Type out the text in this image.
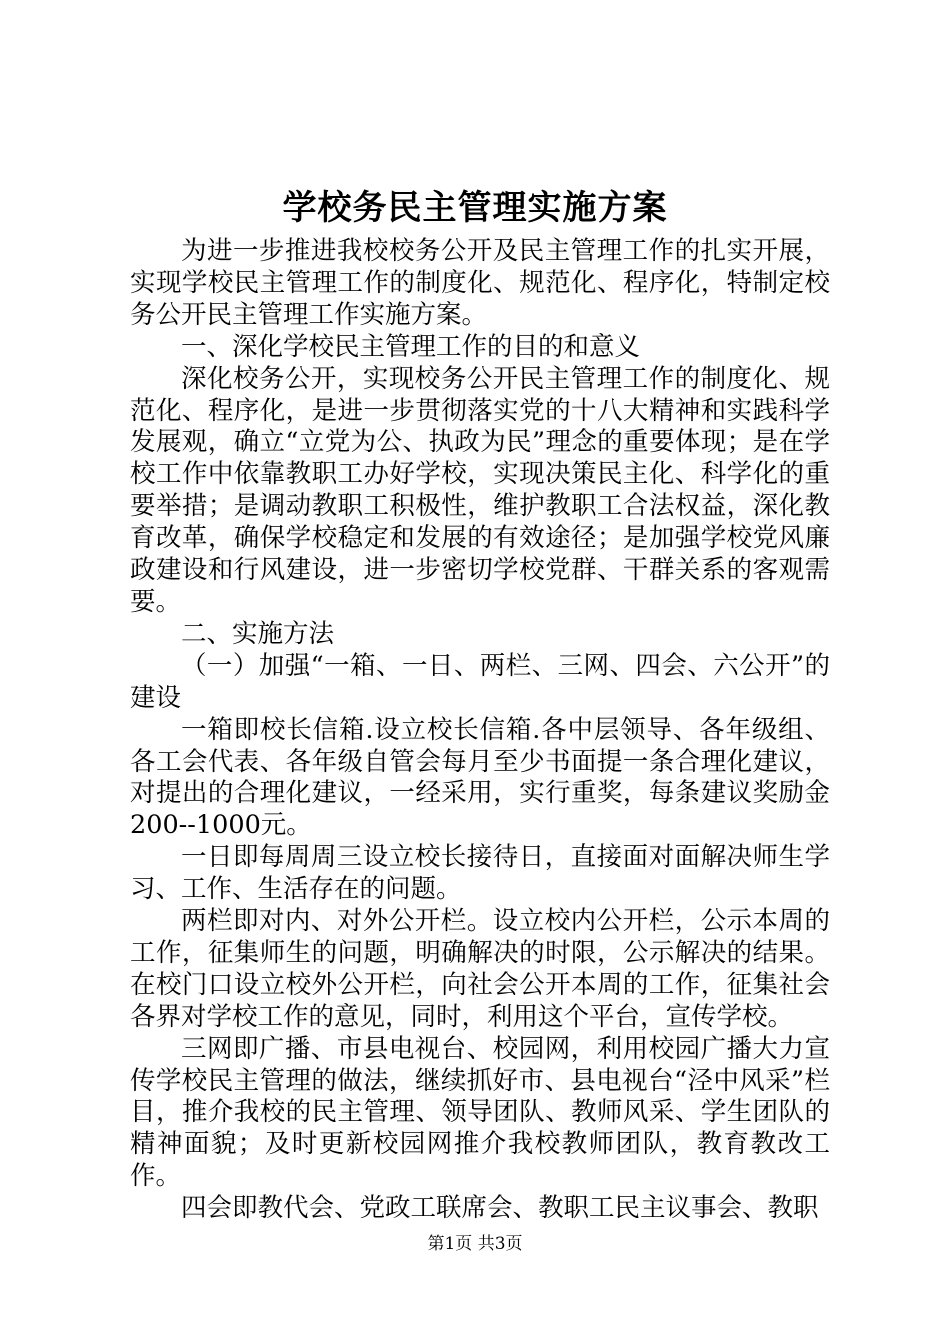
学校务民主管理实施方案

为进一步推进我校校务公开及民主管理工作的扎实开展，实现学校民主管理工作的制度化、规范化、程序化，特制定校务公开民主管理工作实施方案。

一、深化学校民主管理工作的目的和意义

深化校务公开，实现校务公开民主管理工作的制度化、规范化、程序化，是进一步贯彻落实党的十八大精神和实践科学发展观，确立“立党为公、执政为民”理念的重要体现；是在学校工作中依靠教职工办好学校，实现决策民主化、科学化的重要举措；是调动教职工积极性，维护教职工合法权益，深化教育改革，确保学校稳定和发展的有效途径；是加强学校党风廉政建设和行风建设，进一步密切学校党群、干群关系的客观需要。

二、实施方法

（一）加强“一箱、一日、两栏、三网、四会、六公开”的建设

一箱即校长信箱.设立校长信箱.各中层领导、各年级组、各工会代表、各年级自管会每月至少书面提一条合理化建议，对提出的合理化建议，一经采用，实行重奖，每条建议奖励金200--1000元。

一日即每周周三设立校长接待日，直接面对面解决师生学习、工作、生活存在的问题。

两栏即对内、对外公开栏。设立校内公开栏，公示本周的工作，征集师生的问题，明确解决的时限，公示解决的结果。在校门口设立校外公开栏，向社会公开本周的工作，征集社会各界对学校工作的意见，同时，利用这个平台，宣传学校。

三网即广播、市县电视台、校园网，利用校园广播大力宣传学校民主管理的做法，继续抓好市、县电视台“泾中风采”栏目，推介我校的民主管理、领导团队、教师风采、学生团队的精神面貌；及时更新校园网推介我校教师团队，教育教改工作。

四会即教代会、党政工联席会、教职工民主议事会、教职

第1页 共3页
